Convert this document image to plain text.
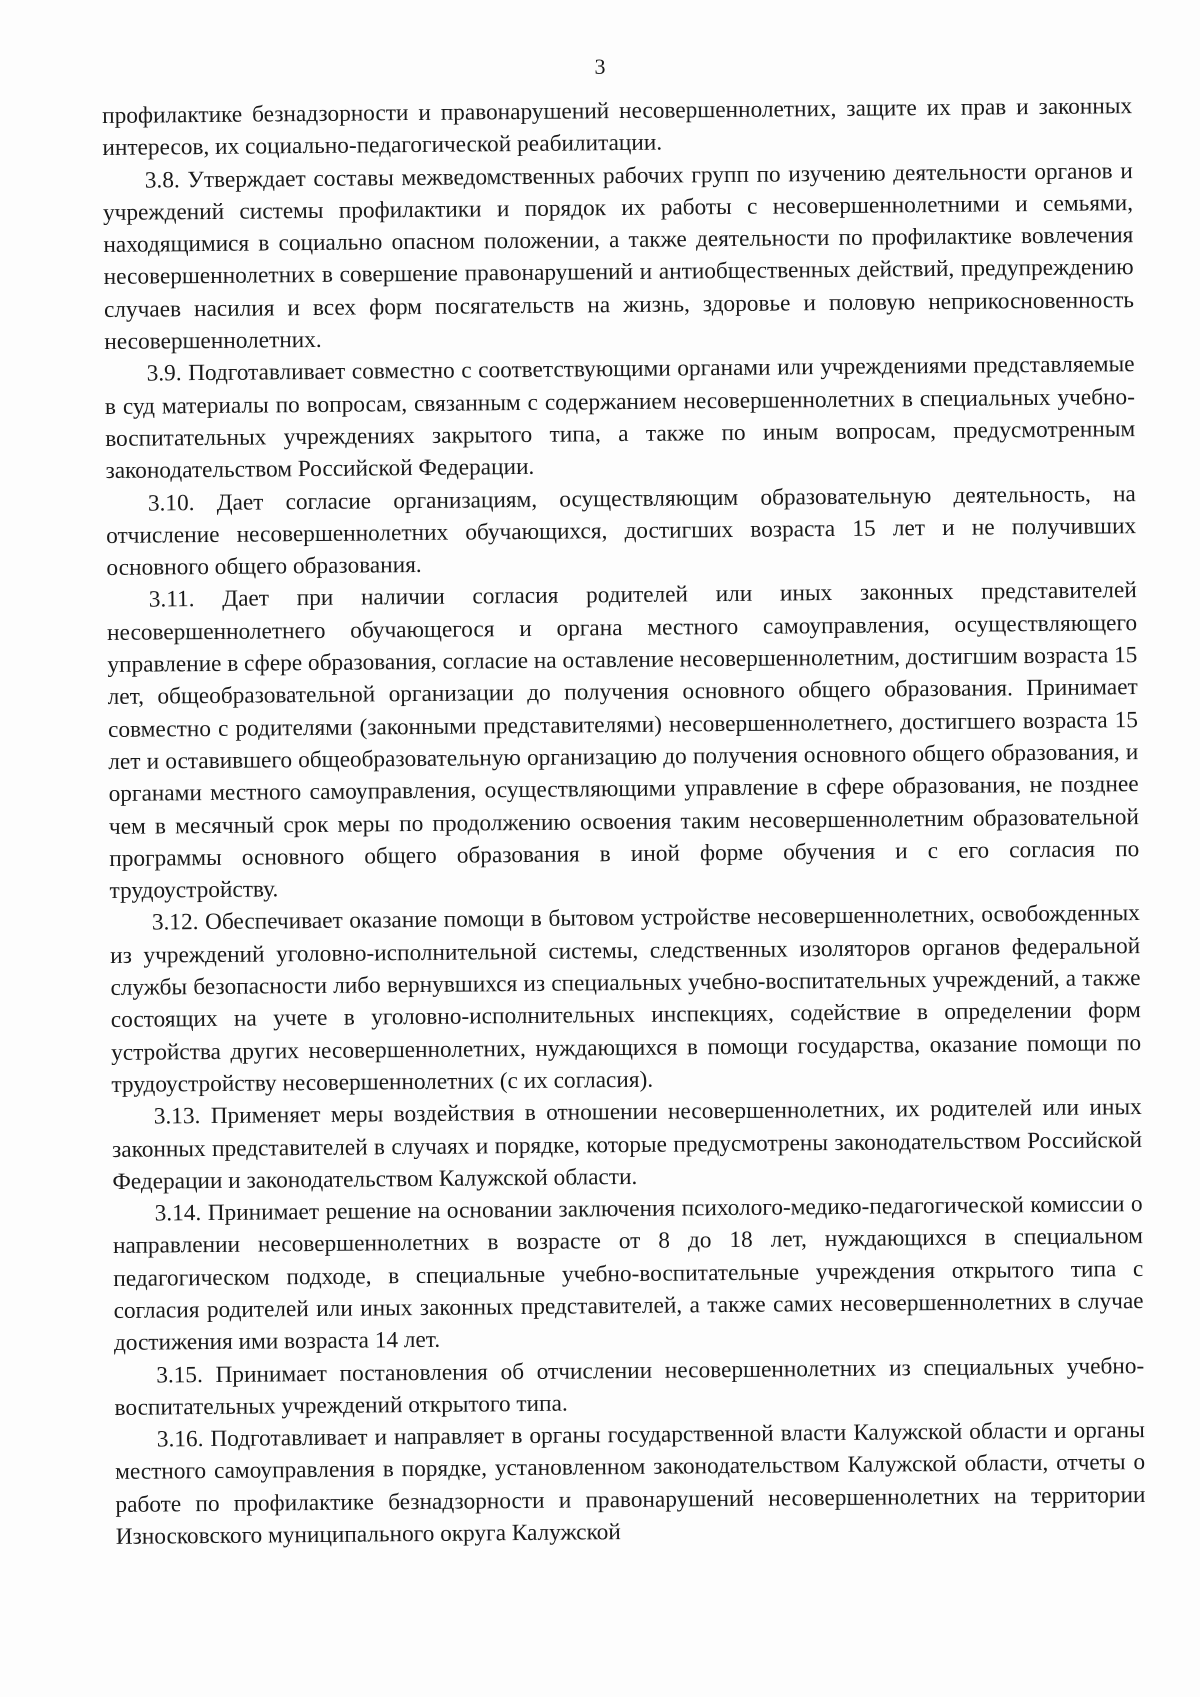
3

профилактике безнадзорности и правонарушений несовершеннолетних, защите их прав и законных интересов, их социально-педагогической реабилитации.

3.8. Утверждает составы межведомственных рабочих групп по изучению деятельности органов и учреждений системы профилактики и порядок их работы с несовершеннолетними и семьями, находящимися в социально опасном положении, а также деятельности по профилактике вовлечения несовершеннолетних в совершение правонарушений и антиобщественных действий, предупреждению случаев насилия и всех форм посягательств на жизнь, здоровье и половую неприкосновенность несовершеннолетних.

3.9. Подготавливает совместно с соответствующими органами или учреждениями представляемые в суд материалы по вопросам, связанным с содержанием несовершеннолетних в специальных учебно-воспитательных учреждениях закрытого типа, а также по иным вопросам, предусмотренным законодательством Российской Федерации.

3.10. Дает согласие организациям, осуществляющим образовательную деятельность, на отчисление несовершеннолетних обучающихся, достигших возраста 15 лет и не получивших основного общего образования.

3.11. Дает при наличии согласия родителей или иных законных представителей несовершеннолетнего обучающегося и органа местного самоуправления, осуществляющего управление в сфере образования, согласие на оставление несовершеннолетним, достигшим возраста 15 лет, общеобразовательной организации до получения основного общего образования. Принимает совместно с родителями (законными представителями) несовершеннолетнего, достигшего возраста 15 лет и оставившего общеобразовательную организацию до получения основного общего образования, и органами местного самоуправления, осуществляющими управление в сфере образования, не позднее чем в месячный срок меры по продолжению освоения таким несовершеннолетним образовательной программы основного общего образования в иной форме обучения и с его согласия по трудоустройству.

3.12. Обеспечивает оказание помощи в бытовом устройстве несовершеннолетних, освобожденных из учреждений уголовно-исполнительной системы, следственных изоляторов органов федеральной службы безопасности либо вернувшихся из специальных учебно-воспитательных учреждений, а также состоящих на учете в уголовно-исполнительных инспекциях, содействие в определении форм устройства других несовершеннолетних, нуждающихся в помощи государства, оказание помощи по трудоустройству несовершеннолетних (с их согласия).

3.13. Применяет меры воздействия в отношении несовершеннолетних, их родителей или иных законных представителей в случаях и порядке, которые предусмотрены законодательством Российской Федерации и законодательством Калужской области.

3.14. Принимает решение на основании заключения психолого-медико-педагогической комиссии о направлении несовершеннолетних в возрасте от 8 до 18 лет, нуждающихся в специальном педагогическом подходе, в специальные учебно-воспитательные учреждения открытого типа с согласия родителей или иных законных представителей, а также самих несовершеннолетних в случае достижения ими возраста 14 лет.

3.15. Принимает постановления об отчислении несовершеннолетних из специальных учебно-воспитательных учреждений открытого типа.

3.16. Подготавливает и направляет в органы государственной власти Калужской области и органы местного самоуправления в порядке, установленном законодательством Калужской области, отчеты о работе по профилактике безнадзорности и правонарушений несовершеннолетних на территории Износковского муниципального округа Калужской
